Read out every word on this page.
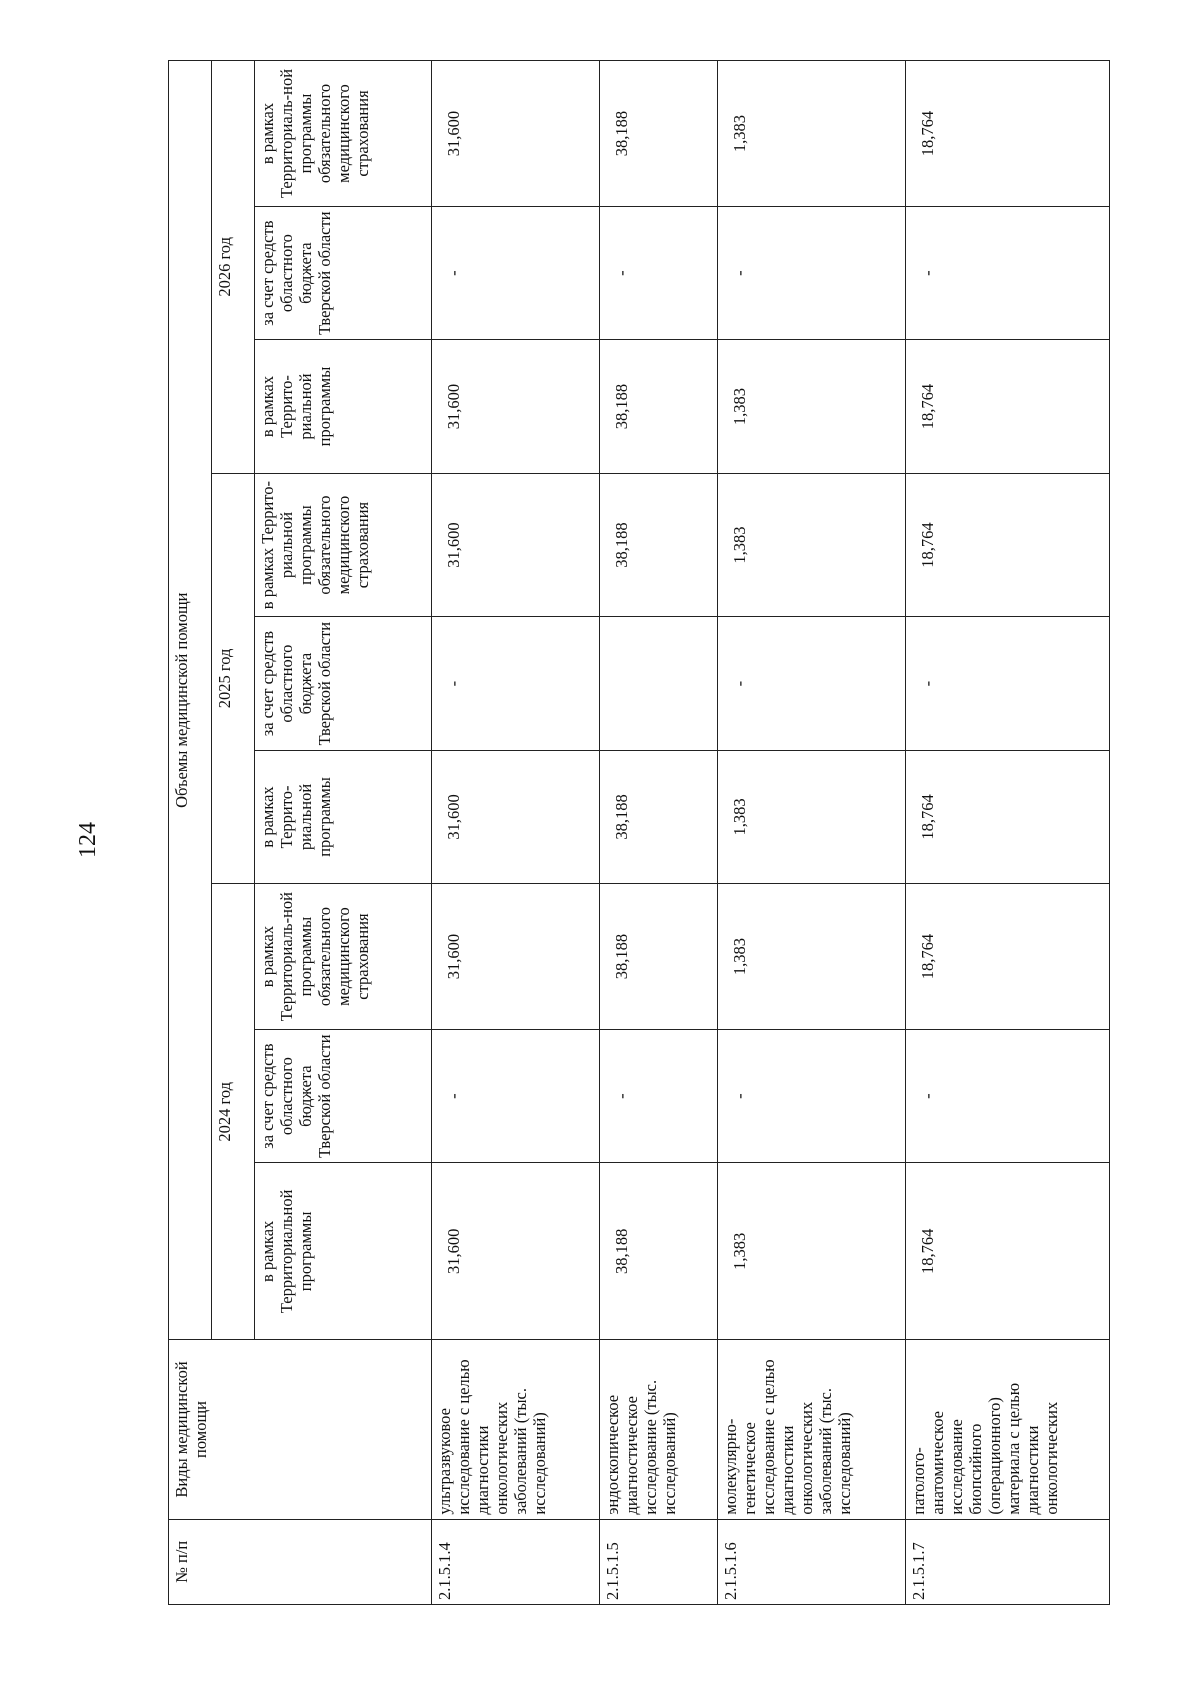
124
№ п/п	Виды медицинской помощи	Объемы медицинской помощи								
		2024 год			2025 год			2026 год		
		в рамках Территориальной программы	за счет средств областного бюджета Тверской области	в рамках Территориаль-ной программы обязательного медицинского страхования	в рамках Террито-риальной программы	за счет средств областного бюджета Тверской области	в рамках Террито-риальной программы обязательного медицинского страхования	в рамках Террито-риальной программы	за счет средств областного бюджета Тверской области	в рамках Территориаль-ной программы обязательного медицинского страхования
2.1.5.1.4	ультразвуковое исследование с целью диагностики онкологических заболеваний (тыс. исследований)	31,600	-	31,600	31,600	-	31,600	31,600	-	31,600
2.1.5.1.5	эндоскопическое диагностическое исследование (тыс. исследований)	38,188	-	38,188	38,188		38,188	38,188	-	38,188
2.1.5.1.6	молекулярно-генетическое исследование с целью диагностики онкологических заболеваний (тыс. исследований)	1,383	-	1,383	1,383	-	1,383	1,383	-	1,383
2.1.5.1.7	патолого-анатомическое исследование биопсийного (операционного) материала с целью диагностики онкологических	18,764	-	18,764	18,764	-	18,764	18,764	-	18,764
